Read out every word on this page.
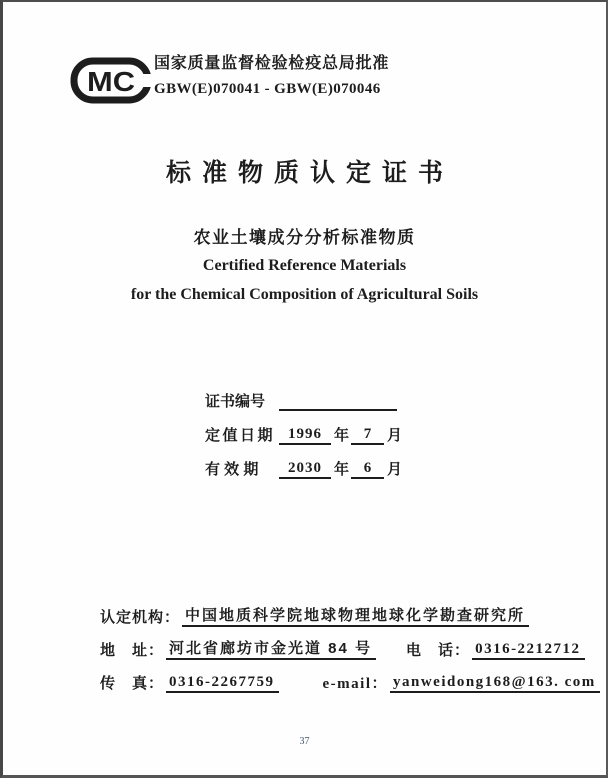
MC
国家质量监督检验检疫总局批准
GBW(E)070041 - GBW(E)070046
标准物质认定证书
农业土壤成分分析标准物质
Certified Reference Materials
for the Chemical Composition of Agricultural Soils
证书编号
定值日期 1996 年 7	月
有 效 期	2030 年 6	月
认定机构： 中国地质科学院地球物理地球化学勘查研究所
地　址： 河北省廊坊市金光道 84 号 电　话： 0316-2212712
传　真： 0316-2267759	e-mail： yanweidong168@163. com
37
